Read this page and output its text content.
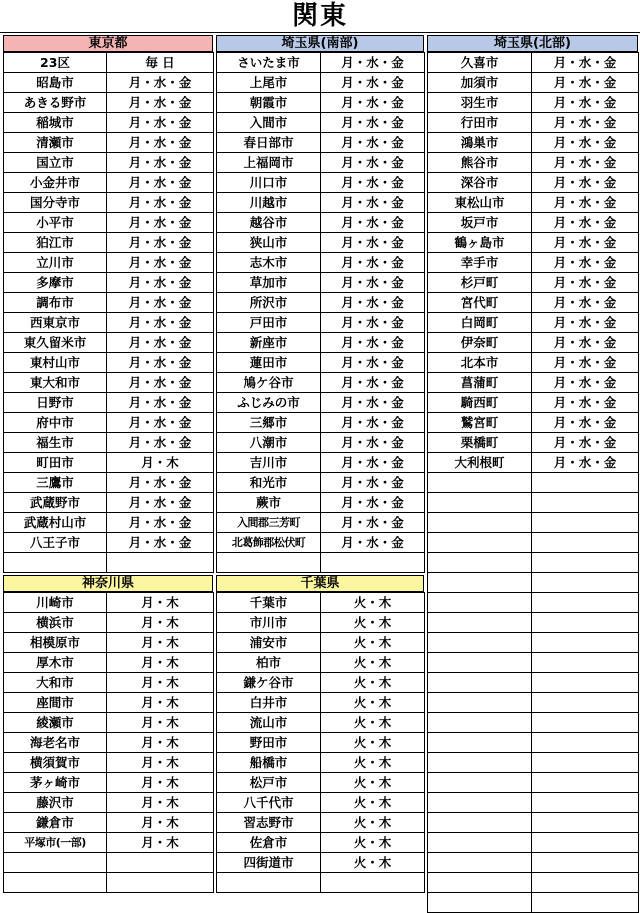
関東
東京都
23区	毎 日
昭島市	月・水・金
あきる野市	月・水・金
稲城市	月・水・金
清瀬市	月・水・金
国立市	月・水・金
小金井市	月・水・金
国分寺市	月・水・金
小平市	月・水・金
狛江市	月・水・金
立川市	月・水・金
多摩市	月・水・金
調布市	月・水・金
西東京市	月・水・金
東久留米市	月・水・金
東村山市	月・水・金
東大和市	月・水・金
日野市	月・水・金
府中市	月・水・金
福生市	月・水・金
町田市	月・木
三鷹市	月・水・金
武蔵野市	月・水・金
武蔵村山市	月・水・金
八王子市	月・水・金

埼玉県(南部)
さいたま市	月・水・金
上尾市	月・水・金
朝霞市	月・水・金
入間市	月・水・金
春日部市	月・水・金
上福岡市	月・水・金
川口市	月・水・金
川越市	月・水・金
越谷市	月・水・金
狭山市	月・水・金
志木市	月・水・金
草加市	月・水・金
所沢市	月・水・金
戸田市	月・水・金
新座市	月・水・金
蓮田市	月・水・金
鳩ケ谷市	月・水・金
ふじみの市	月・水・金
三郷市	月・水・金
八潮市	月・水・金
吉川市	月・水・金
和光市	月・水・金
蕨市	月・水・金
入間郡三芳町	月・水・金
北葛飾郡松伏町	月・水・金

埼玉県(北部)
久喜市	月・水・金
加須市	月・水・金
羽生市	月・水・金
行田市	月・水・金
鴻巣市	月・水・金
熊谷市	月・水・金
深谷市	月・水・金
東松山市	月・水・金
坂戸市	月・水・金
鶴ヶ島市	月・水・金
幸手市	月・水・金
杉戸町	月・水・金
宮代町	月・水・金
白岡町	月・水・金
伊奈町	月・水・金
北本市	月・水・金
菖蒲町	月・水・金
騎西町	月・水・金
鷲宮町	月・水・金
栗橋町	月・水・金
大利根町	月・水・金

神奈川県
川崎市	月・木
横浜市	月・木
相模原市	月・木
厚木市	月・木
大和市	月・木
座間市	月・木
綾瀬市	月・木
海老名市	月・木
横須賀市	月・木
茅ヶ崎市	月・木
藤沢市	月・木
鎌倉市	月・木
平塚市(一部)	月・木

千葉県
千葉市	火・木
市川市	火・木
浦安市	火・木
柏市	火・木
鎌ケ谷市	火・木
白井市	火・木
流山市	火・木
野田市	火・木
船橋市	火・木
松戸市	火・木
八千代市	火・木
習志野市	火・木
佐倉市	火・木
四街道市	火・木
